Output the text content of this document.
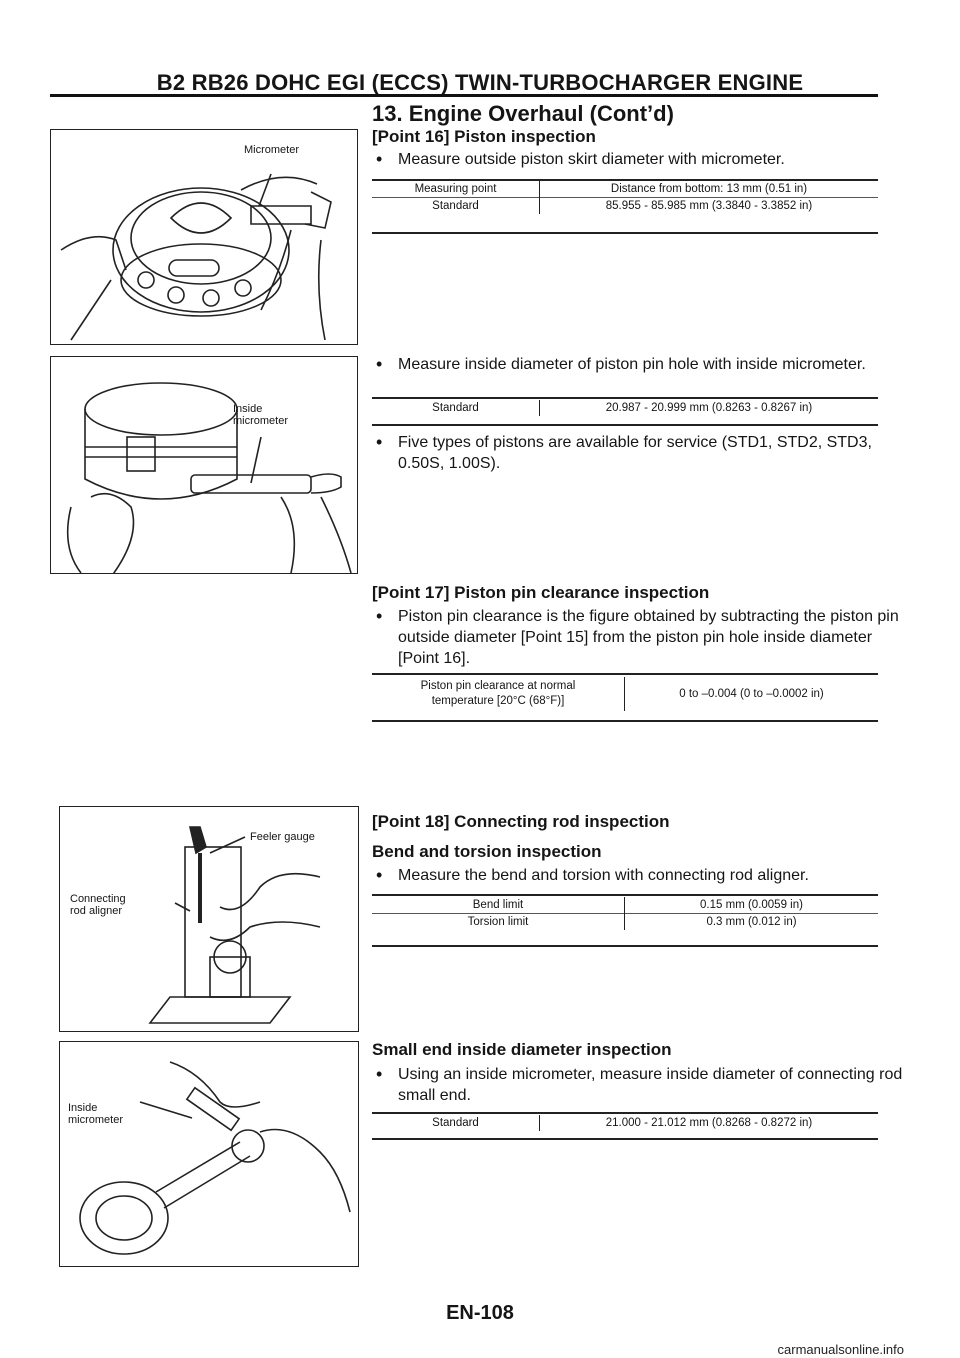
B2 RB26 DOHC EGI (ECCS) TWIN-TURBOCHARGER ENGINE
13. Engine Overhaul (Cont’d)
Micrometer
Inside
micrometer
Feeler gauge
Connecting
rod aligner
Inside
micrometer
[Point 16] Piston inspection
• Measure outside piston skirt diameter with micrometer.
Measuring point	Distance from bottom: 13 mm (0.51 in)
Standard	85.955 - 85.985 mm (3.3840 - 3.3852 in)
• Measure inside diameter of piston pin hole with inside micrometer.
Standard	20.987 - 20.999 mm (0.8263 - 0.8267 in)
• Five types of pistons are available for service (STD1, STD2, STD3, 0.50S, 1.00S).
[Point 17] Piston pin clearance inspection
• Piston pin clearance is the figure obtained by subtracting the piston pin outside diameter [Point 15] from the piston pin hole inside diameter [Point 16].
Piston pin clearance at normal
temperature [20°C (68°F)]
	0 to –0.004 (0 to –0.0002 in)
[Point 18] Connecting rod inspection
Bend and torsion inspection
• Measure the bend and torsion with connecting rod aligner.
Bend limit	0.15 mm (0.0059 in)
Torsion limit	0.3 mm (0.012 in)
Small end inside diameter inspection
• Using an inside micrometer, measure inside diameter of connecting rod small end.
Standard	21.000 - 21.012 mm (0.8268 - 0.8272 in)
EN-108
carmanualsonline.info
